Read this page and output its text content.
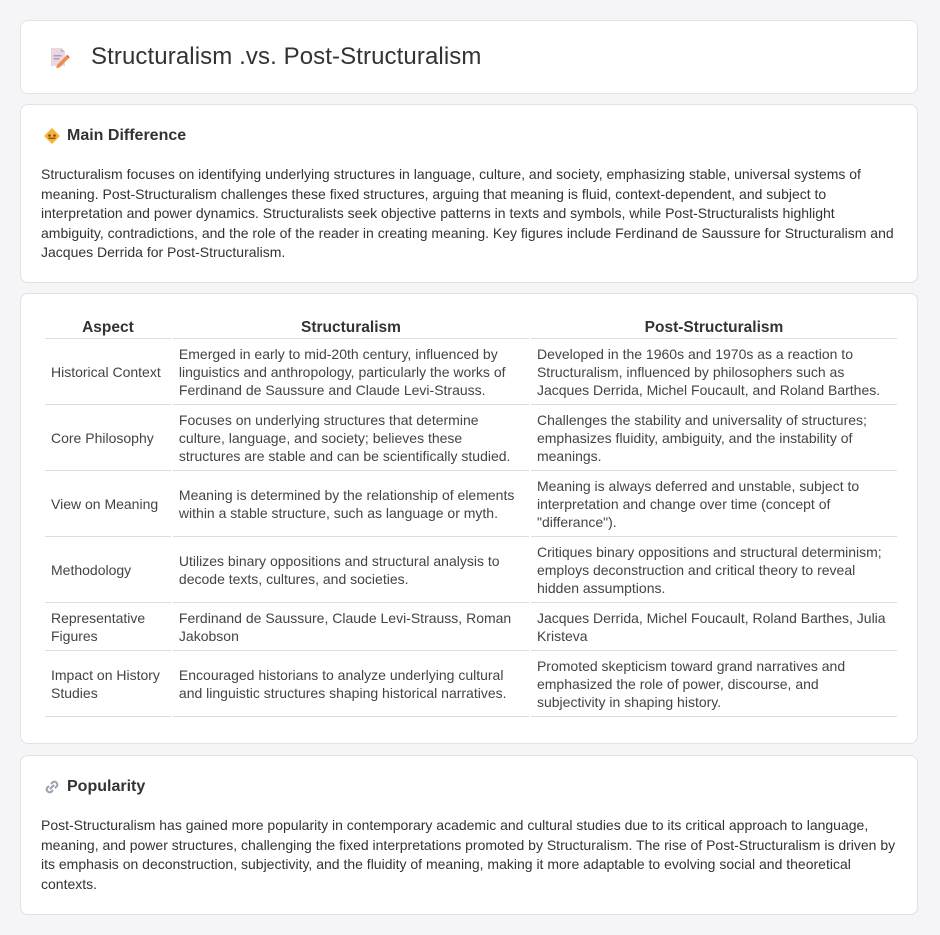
Structuralism .vs. Post-Structuralism
Main Difference

Structuralism focuses on identifying underlying structures in language, culture, and society, emphasizing stable, universal systems of meaning. Post-Structuralism challenges these fixed structures, arguing that meaning is fluid, context-dependent, and subject to interpretation and power dynamics. Structuralists seek objective patterns in texts and symbols, while Post-Structuralists highlight ambiguity, contradictions, and the role of the reader in creating meaning. Key figures include Ferdinand de Saussure for Structuralism and Jacques Derrida for Post-Structuralism.

Aspect	Structuralism	Post-Structuralism
Historical Context	Emerged in early to mid-20th century, influenced by linguistics and anthropology, particularly the works of Ferdinand de Saussure and Claude Levi-Strauss.	Developed in the 1960s and 1970s as a reaction to Structuralism, influenced by philosophers such as Jacques Derrida, Michel Foucault, and Roland Barthes.
Core Philosophy	Focuses on underlying structures that determine culture, language, and society; believes these structures are stable and can be scientifically studied.	Challenges the stability and universality of structures; emphasizes fluidity, ambiguity, and the instability of meanings.
View on Meaning	Meaning is determined by the relationship of elements within a stable structure, such as language or myth.	Meaning is always deferred and unstable, subject to interpretation and change over time (concept of "differance").
Methodology	Utilizes binary oppositions and structural analysis to decode texts, cultures, and societies.	Critiques binary oppositions and structural determinism; employs deconstruction and critical theory to reveal hidden assumptions.
Representative Figures	Ferdinand de Saussure, Claude Levi-Strauss, Roman Jakobson	Jacques Derrida, Michel Foucault, Roland Barthes, Julia Kristeva
Impact on History Studies	Encouraged historians to analyze underlying cultural and linguistic structures shaping historical narratives.	Promoted skepticism toward grand narratives and emphasized the role of power, discourse, and subjectivity in shaping history.
Popularity

Post-Structuralism has gained more popularity in contemporary academic and cultural studies due to its critical approach to language, meaning, and power structures, challenging the fixed interpretations promoted by Structuralism. The rise of Post-Structuralism is driven by its emphasis on deconstruction, subjectivity, and the fluidity of meaning, making it more adaptable to evolving social and theoretical contexts.
